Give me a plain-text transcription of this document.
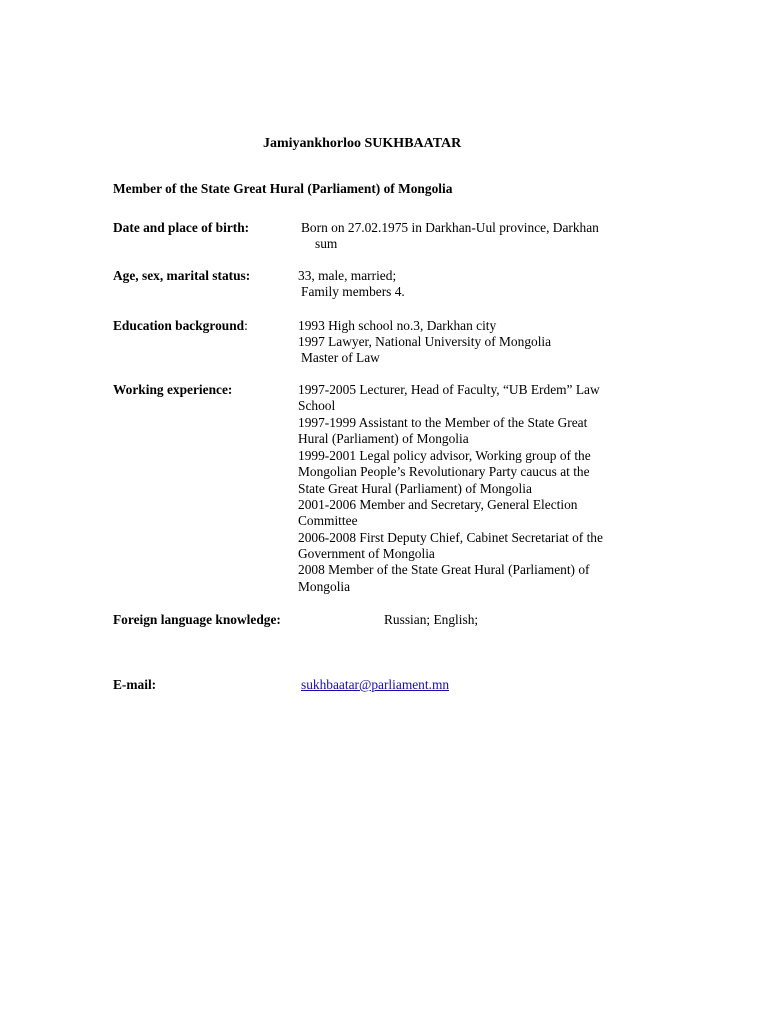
Jamiyankhorloo SUKHBAATAR

Member of the State Great Hural (Parliament) of Mongolia

Date and place of birth:	Born on 27.02.1975 in Darkhan-Uul province, Darkhan

sum

Age, sex, marital status:	33, male, married;

Family members 4.

Education background:	1993 High school no.3, Darkhan city

1997 Lawyer, National University of Mongolia

Master of Law

Working experience:	1997-2005 Lecturer, Head of Faculty, “UB Erdem” Law

School

1997-1999 Assistant to the Member of the State Great

Hural (Parliament) of Mongolia

1999-2001 Legal policy advisor, Working group of the

Mongolian People’s Revolutionary Party caucus at the

State Great Hural (Parliament) of Mongolia

2001-2006 Member and Secretary, General Election

Committee

2006-2008 First Deputy Chief, Cabinet Secretariat of the

Government of Mongolia

2008 Member of the State Great Hural (Parliament) of

Mongolia

Foreign language knowledge:	Russian; English;

E-mail:	sukhbaatar@parliament.mn
